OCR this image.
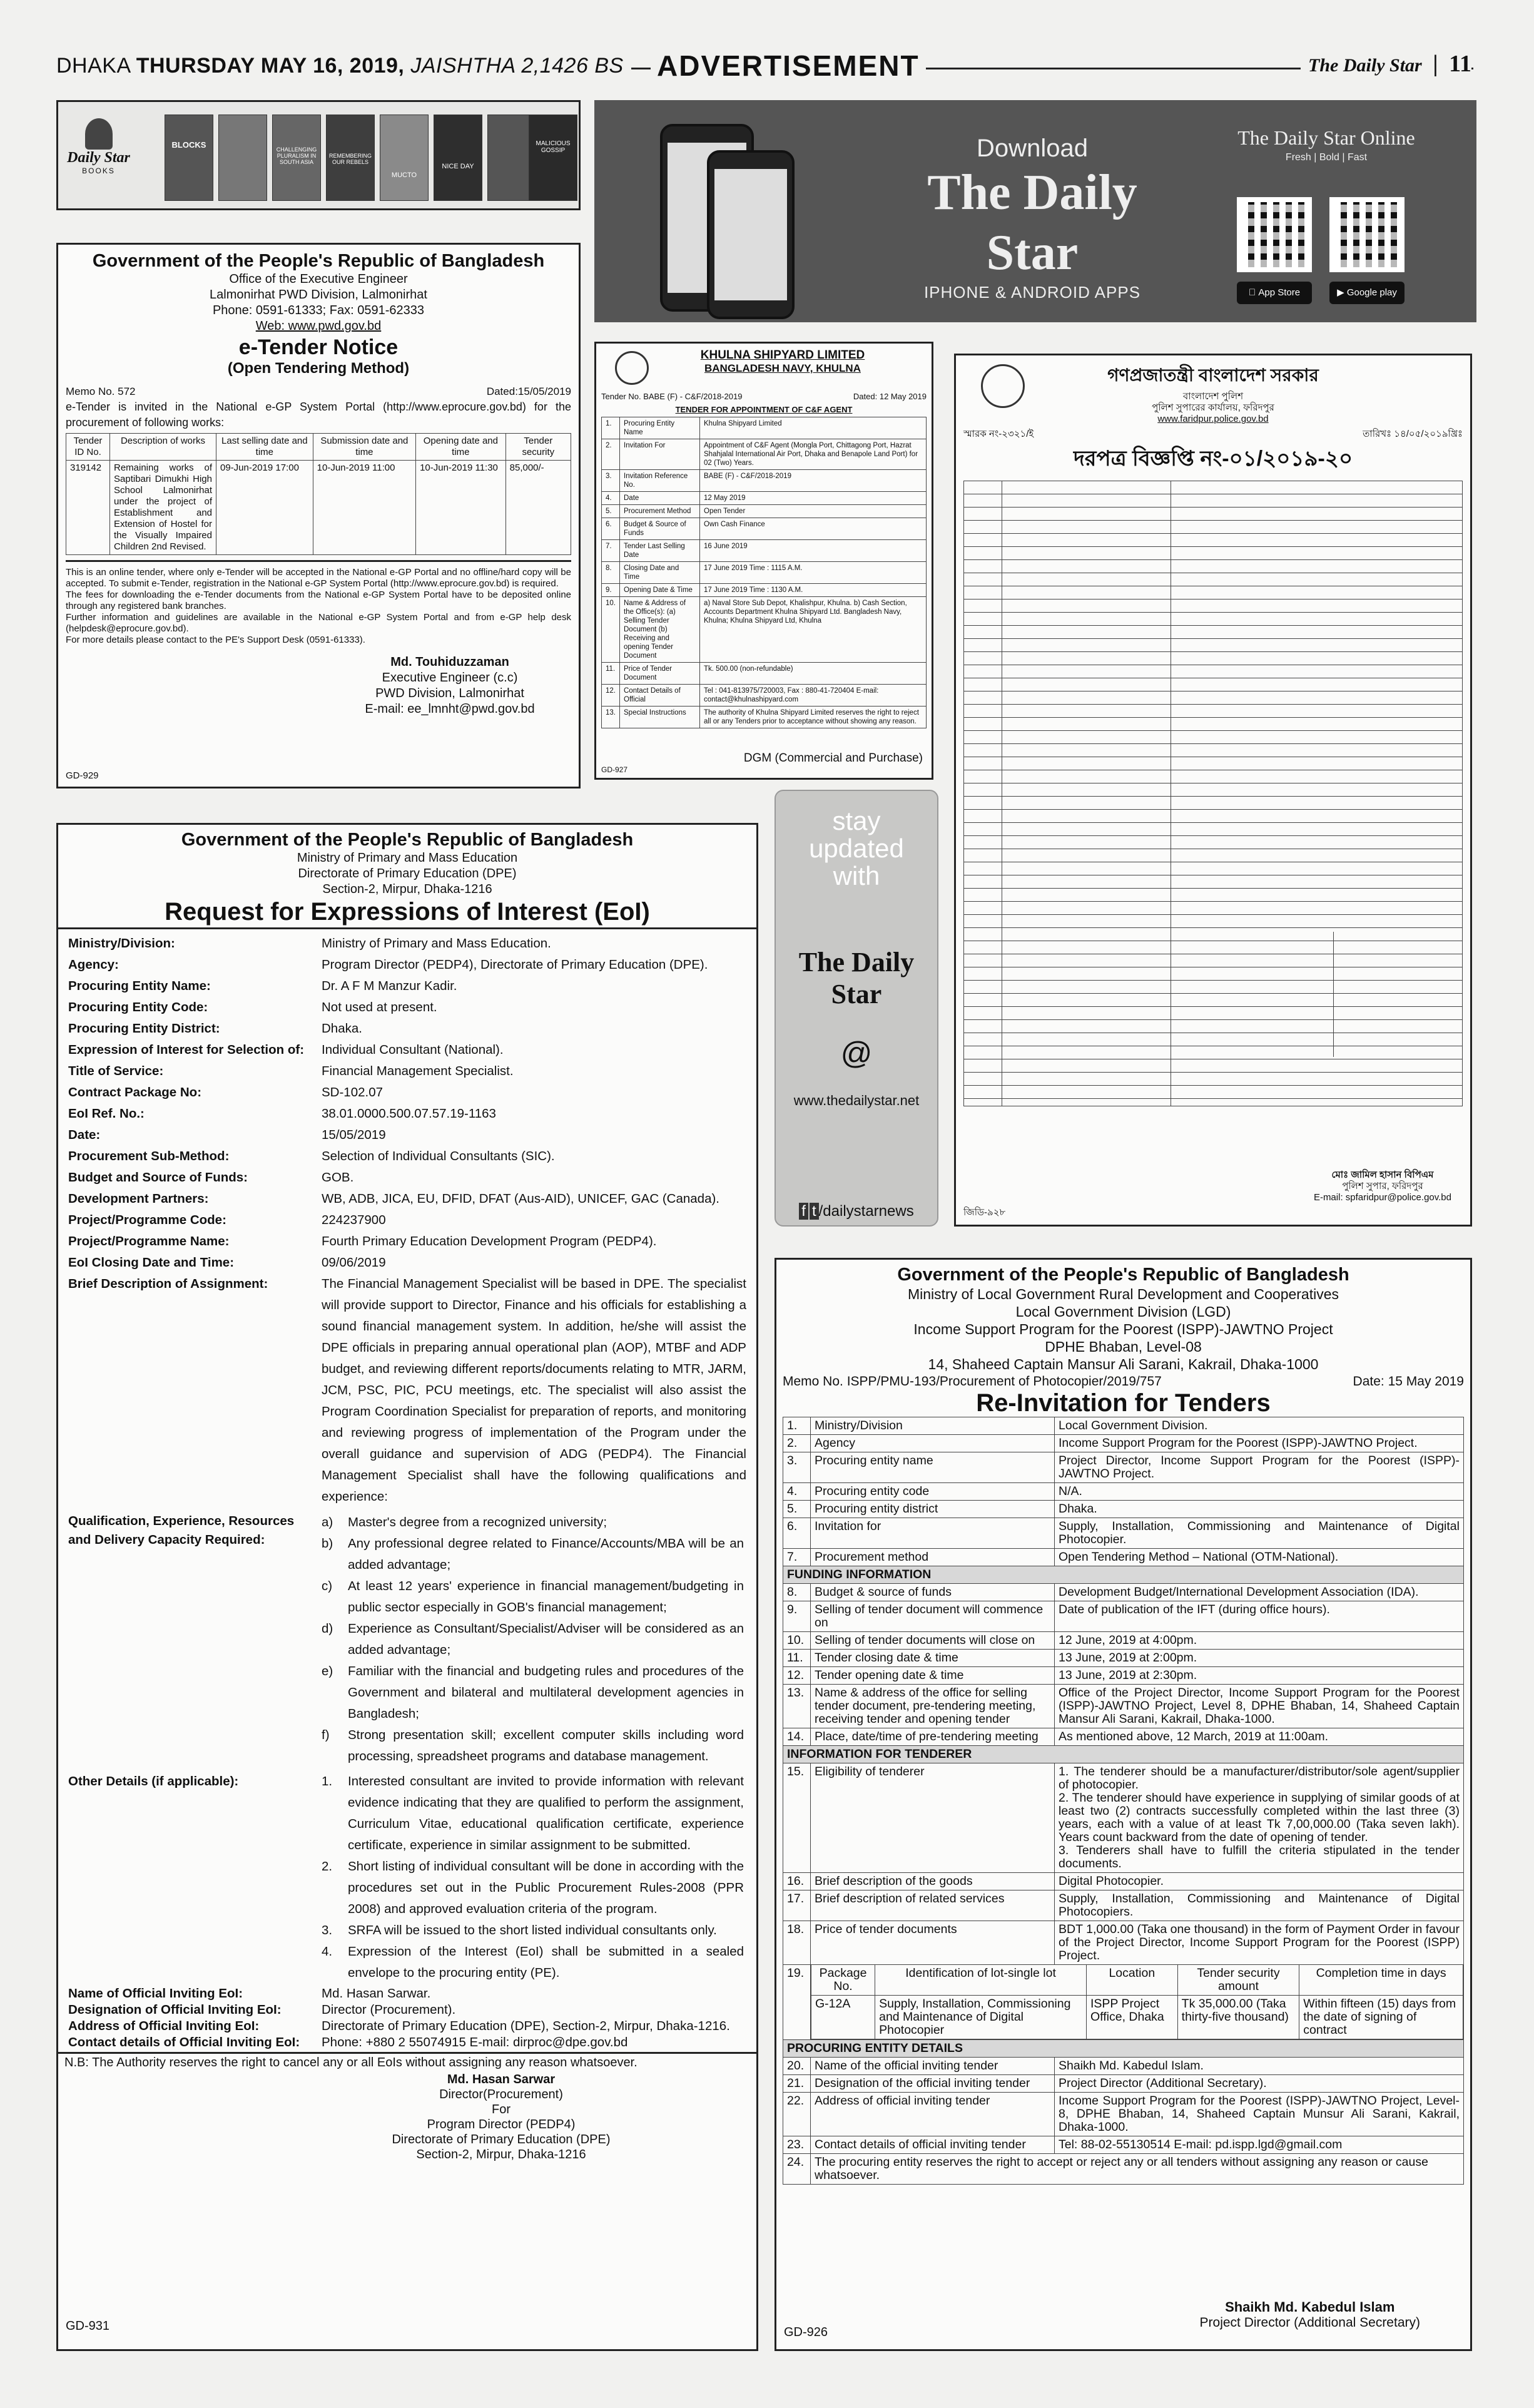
DHAKA THURSDAY MAY 16, 2019, JAISHTHA 2,1426 BS ADVERTISEMENT	The Daily Star | 11
Daily Star
BOOKS
BLOCKS	CHALLENGING PLURALISM IN SOUTH ASIA
REMEMBERING OUR REBELS
MUCTO
NICE DAY
MALICIOUS GOSSIP	Download
The Daily Star
IPHONE & ANDROID APPS
The Daily Star Online
Fresh | Bold | Fast
App Store	▶ Google play
Government of the People's Republic of Bangladesh
Office of the Executive Engineer
Lalmonirhat PWD Division, Lalmonirhat
Phone: 0591-61333; Fax: 0591-62333
Web: www.pwd.gov.bd
e-Tender Notice
(Open Tendering Method)
Memo No. 572	Dated:15/05/2019
e-Tender is invited in the National e-GP System Portal (http://www.eprocure.gov.bd) for the procurement of following works:
Tender ID No.	Description of works	Last selling date and time	Submission date and time	Opening date and time	Tender security
319142	Remaining works of Saptibari Dimukhi High School Lalmonirhat under the project of Establishment and Extension of Hostel for the Visually Impaired Children 2nd Revised.	09-Jun-2019 17:00	10-Jun-2019 11:00	10-Jun-2019 11:30	85,000/-
This is an online tender, where only e-Tender will be accepted in the National e-GP Portal and no offline/hard copy will be accepted. To submit e-Tender, registration in the National e-GP System Portal (http://www.eprocure.gov.bd) is required.
The fees for downloading the e-Tender documents from the National e-GP System Portal have to be deposited online through any registered bank branches.
Further information and guidelines are available in the National e-GP System Portal and from e-GP help desk (helpdesk@eprocure.gov.bd).
For more details please contact to the PE's Support Desk (0591-61333).
Md. Touhiduzzaman
Executive Engineer (c.c)
PWD Division, Lalmonirhat
E-mail: ee_lmnht@pwd.gov.bd
GD-929
KHULNA SHIPYARD LIMITED
BANGLADESH NAVY, KHULNA
Tender No. BABE (F) - C&F/2018-2019	Dated: 12 May 2019
TENDER FOR APPOINTMENT OF C&F AGENT
1.	Procuring Entity Name	Khulna Shipyard Limited
2.	Invitation For	Appointment of C&F Agent (Mongla Port, Chittagong Port, Hazrat Shahjalal International Air Port, Dhaka and Benapole Land Port) for 02 (Two) Years.
3.	Invitation Reference No.	BABE (F) - C&F/2018-2019
4.	Date	12 May 2019
5.	Procurement Method	Open Tender
6.	Budget & Source of Funds	Own Cash Finance
7.	Tender Last Selling Date	16 June 2019
8.	Closing Date and Time	17 June 2019 Time : 1115 A.M.
9.	Opening Date & Time	17 June 2019 Time : 1130 A.M.
10.	Name & Address of the Office(s): (a) Selling Tender Document (b) Receiving and opening Tender Document	a) Naval Store Sub Depot, Khalishpur, Khulna. b) Cash Section, Accounts Department Khulna Shipyard Ltd. Bangladesh Navy, Khulna; Khulna Shipyard Ltd, Khulna
11.	Price of Tender Document	Tk. 500.00 (non-refundable)
12.	Contact Details of Official	Tel : 041-813975/720003, Fax : 880-41-720404 E-mail: contact@khulnashipyard.com
13.	Special Instructions	The authority of Khulna Shipyard Limited reserves the right to reject all or any Tenders prior to acceptance without showing any reason.
DGM (Commercial and Purchase)
GD-927
গণপ্রজাতন্ত্রী বাংলাদেশ সরকার
বাংলাদেশ পুলিশ
পুলিশ সুপারের কার্যালয়, ফরিদপুর
www.faridpur.police.gov.bd
স্মারক নং-২৩২১/ই	তারিখঃ ১৪/০৫/২০১৯খ্রিঃ
দরপত্র বিজ্ঞপ্তি নং-০১/২০১৯-২০
মোঃ জামিল হাসান বিপিএম
পুলিশ সুপার, ফরিদপুর
E-mail: spfaridpur@police.gov.bd
জিডি-৯২৮
stay
updated
with
The Daily Star
@
www.thedailystar.net
f t /dailystarnews
Government of the People's Republic of Bangladesh
Ministry of Primary and Mass Education
Directorate of Primary Education (DPE)
Section-2, Mirpur, Dhaka-1216
Request for Expressions of Interest (EoI)
Ministry/Division:	Ministry of Primary and Mass Education.
Agency:	Program Director (PEDP4), Directorate of Primary Education (DPE).
Procuring Entity Name:	Dr. A F M Manzur Kadir.
Procuring Entity Code:	Not used at present.
Procuring Entity District:	Dhaka.
Expression of Interest for Selection of:	Individual Consultant (National).
Title of Service:	Financial Management Specialist.
Contract Package No:	SD-102.07
EoI Ref. No.:	38.01.0000.500.07.57.19-1163
Date:	15/05/2019
Procurement Sub-Method:	Selection of Individual Consultants (SIC).
Budget and Source of Funds:	GOB.
Development Partners:	WB, ADB, JICA, EU, DFID, DFAT (Aus-AID), UNICEF, GAC (Canada).
Project/Programme Code:	224237900
Project/Programme Name:	Fourth Primary Education Development Program (PEDP4).
EoI Closing Date and Time:	09/06/2019
Brief Description of Assignment:	The Financial Management Specialist will be based in DPE. The specialist will provide support to Director, Finance and his officials for establishing a sound financial management system. In addition, he/she will assist the DPE officials in preparing annual operational plan (AOP), MTBF and ADP budget, and reviewing different reports/documents relating to MTR, JARM, JCM, PSC, PIC, PCU meetings, etc. The specialist will also assist the Program Coordination Specialist for preparation of reports, and monitoring and reviewing progress of implementation of the Program under the overall guidance and supervision of ADG (PEDP4). The Financial Management Specialist shall have the following qualifications and experience:
Qualification, Experience, Resources and Delivery Capacity Required:	
a)	Master's degree from a recognized university;
b)	Any professional degree related to Finance/Accounts/MBA will be an added advantage;
c)	At least 12 years' experience in financial management/budgeting in public sector especially in GOB's financial management;
d)	Experience as Consultant/Specialist/Adviser will be considered as an added advantage;
e)	Familiar with the financial and budgeting rules and procedures of the Government and bilateral and multilateral development agencies in Bangladesh;
f)	Strong presentation skill; excellent computer skills including word processing, spreadsheet programs and database management.

Other Details (if applicable):		1.	Interested consultant are invited to provide information with relevant evidence indicating that they are qualified to perform the assignment, Curriculum Vitae, educational qualification certificate, experience certificate, experience in similar assignment to be submitted.
2.	Short listing of individual consultant will be done in according with the procedures set out in the Public Procurement Rules-2008 (PPR 2008) and approved evaluation criteria of the program.
3.	SRFA will be issued to the short listed individual consultants only.
4.	Expression of the Interest (EoI) shall be submitted in a sealed envelope to the procuring entity (PE).
Name of Official Inviting EoI:	Md. Hasan Sarwar.
Designation of Official Inviting EoI:	Director (Procurement).
Address of Official Inviting EoI:	Directorate of Primary Education (DPE), Section-2, Mirpur, Dhaka-1216.
Contact details of Official Inviting EoI:	Phone: +880 2 55074915 E-mail: dirproc@dpe.gov.bd
N.B: The Authority reserves the right to cancel any or all EoIs without assigning any reason whatsoever.
Md. Hasan Sarwar
Director(Procurement)
For
Program Director (PEDP4)
Directorate of Primary Education (DPE)
Section-2, Mirpur, Dhaka-1216
GD-931
Government of the People's Republic of Bangladesh
Ministry of Local Government Rural Development and Cooperatives
Local Government Division (LGD)
Income Support Program for the Poorest (ISPP)-JAWTNO Project
DPHE Bhaban, Level-08
14, Shaheed Captain Mansur Ali Sarani, Kakrail, Dhaka-1000
Memo No. ISPP/PMU-193/Procurement of Photocopier/2019/757	Date: 15 May 2019
Re-Invitation for Tenders
1.	Ministry/Division	Local Government Division.
2.	Agency	Income Support Program for the Poorest (ISPP)-JAWTNO Project.
3.	Procuring entity name	Project Director, Income Support Program for the Poorest (ISPP)-JAWTNO Project.
4.	Procuring entity code	N/A.
5.	Procuring entity district	Dhaka.
6.	Invitation for	Supply, Installation, Commissioning and Maintenance of Digital Photocopier.
7.	Procurement method	Open Tendering Method – National (OTM-National).
FUNDING INFORMATION
8.	Budget & source of funds	Development Budget/International Development Association (IDA).
9.	Selling of tender document will commence on	Date of publication of the IFT (during office hours).
10.	Selling of tender documents will close on	12 June, 2019 at 4:00pm.
11.	Tender closing date & time	13 June, 2019 at 2:00pm.
12.	Tender opening date & time	13 June, 2019 at 2:30pm.
13.	Name & address of the office for selling tender document, pre-tendering meeting, receiving tender and opening tender	Office of the Project Director, Income Support Program for the Poorest (ISPP)-JAWTNO Project, Level 8, DPHE Bhaban, 14, Shaheed Captain Mansur Ali Sarani, Kakrail, Dhaka-1000.
14.	Place, date/time of pre-tendering meeting	As mentioned above, 12 March, 2019 at 11:00am.
INFORMATION FOR TENDERER
15.	Eligibility of tenderer	1. The tenderer should be a manufacturer/distributor/sole agent/supplier of photocopier.
2. The tenderer should have experience in supplying of similar goods of at least two (2) contracts successfully completed within the last three (3) years, each with a value of at least Tk 7,00,000.00 (Taka seven lakh). Years count backward from the date of opening of tender.
3. Tenderers shall have to fulfill the criteria stipulated in the tender documents.

16.	Brief description of the goods	Digital Photocopier.
17.	Brief description of related services	Supply, Installation, Commissioning and Maintenance of Digital Photocopiers.
18.	Price of tender documents	BDT 1,000.00 (Taka one thousand) in the form of Payment Order in favour of the Project Director, Income Support Program for the Poorest (ISPP) Project.
19.	Package No.	Identification of lot-single lot	Location	Tender security amount	Completion time in days
G-12A	Supply, Installation, Commissioning and Maintenance of Digital Photocopier	ISPP Project Office, Dhaka	Tk 35,000.00 (Taka thirty-five thousand)	Within fifteen (15) days from the date of signing of contract

PROCURING ENTITY DETAILS
20.	Name of the official inviting tender	Shaikh Md. Kabedul Islam.
21.	Designation of the official inviting tender	Project Director (Additional Secretary).
22.	Address of official inviting tender	Income Support Program for the Poorest (ISPP)-JAWTNO Project, Level-8, DPHE Bhaban, 14, Shaheed Captain Munsur Ali Sarani, Kakrail, Dhaka-1000.
23.	Contact details of official inviting tender	Tel: 88-02-55130514 E-mail: pd.ispp.lgd@gmail.com
24.	The procuring entity reserves the right to accept or reject any or all tenders without assigning any reason or cause whatsoever.
Shaikh Md. Kabedul Islam
Project Director (Additional Secretary)
GD-926
